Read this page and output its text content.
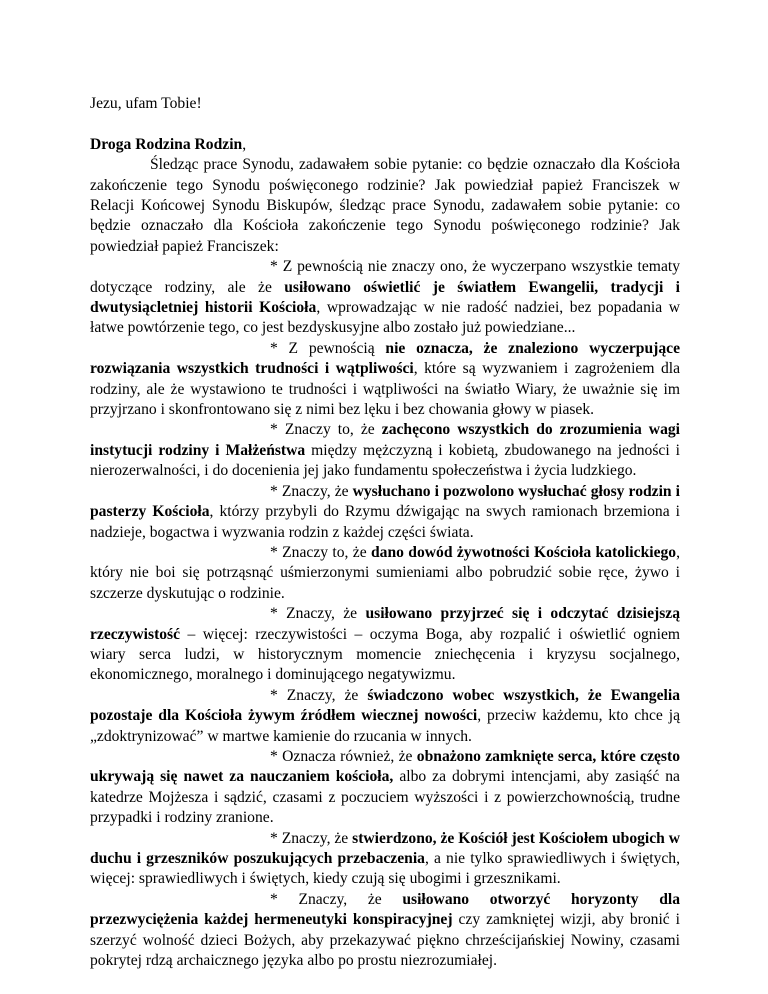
Jezu, ufam Tobie!

Droga Rodzina Rodzin,

Śledząc prace Synodu, zadawałem sobie pytanie: co będzie oznaczało dla Kościoła zakończenie tego Synodu poświęconego rodzinie? Jak powiedział papież Franciszek w Relacji Końcowej Synodu Biskupów, śledząc prace Synodu, zadawałem sobie pytanie: co będzie oznaczało dla Kościoła zakończenie tego Synodu poświęconego rodzinie? Jak powiedział papież Franciszek:

* Z pewnością nie znaczy ono, że wyczerpano wszystkie tematy dotyczące rodziny, ale że usiłowano oświetlić je światłem Ewangelii, tradycji i dwutysiącletniej historii Kościoła, wprowadzając w nie radość nadziei, bez popadania w łatwe powtórzenie tego, co jest bezdyskusyjne albo zostało już powiedziane...

* Z pewnością nie oznacza, że znaleziono wyczerpujące rozwiązania wszystkich trudności i wątpliwości, które są wyzwaniem i zagrożeniem dla rodziny, ale że wystawiono te trudności i wątpliwości na światło Wiary, że uważnie się im przyjrzano i skonfrontowano się z nimi bez lęku i bez chowania głowy w piasek.

* Znaczy to, że zachęcono wszystkich do zrozumienia wagi instytucji rodziny i Małżeństwa między mężczyzną i kobietą, zbudowanego na jedności i nierozerwalności, i do docenienia jej jako fundamentu społeczeństwa i życia ludzkiego.

* Znaczy, że wysłuchano i pozwolono wysłuchać głosy rodzin i pasterzy Kościoła, którzy przybyli do Rzymu dźwigając na swych ramionach brzemiona i nadzieje, bogactwa i wyzwania rodzin z każdej części świata.

* Znaczy to, że dano dowód żywotności Kościoła katolickiego, który nie boi się potrząsnąć uśmierzonymi sumieniami albo pobrudzić sobie ręce, żywo i szczerze dyskutując o rodzinie.

* Znaczy, że usiłowano przyjrzeć się i odczytać dzisiejszą rzeczywistość – więcej: rzeczywistości – oczyma Boga, aby rozpalić i oświetlić ogniem wiary serca ludzi, w historycznym momencie zniechęcenia i kryzysu socjalnego, ekonomicznego, moralnego i dominującego negatywizmu.

* Znaczy, że świadczono wobec wszystkich, że Ewangelia pozostaje dla Kościoła żywym źródłem wiecznej nowości, przeciw każdemu, kto chce ją „zdoktrynizować” w martwe kamienie do rzucania w innych.

* Oznacza również, że obnażono zamknięte serca, które często ukrywają się nawet za nauczaniem kościoła, albo za dobrymi intencjami, aby zasiąść na katedrze Mojżesza i sądzić, czasami z poczuciem wyższości i z powierzchownością, trudne przypadki i rodziny zranione.

* Znaczy, że stwierdzono, że Kościół jest Kościołem ubogich w duchu i grzeszników poszukujących przebaczenia, a nie tylko sprawiedliwych i świętych, więcej: sprawiedliwych i świętych, kiedy czują się ubogimi i grzesznikami.

* Znaczy, że usiłowano otworzyć horyzonty dla przezwyciężenia każdej hermeneutyki konspiracyjnej czy zamkniętej wizji, aby bronić i szerzyć wolność dzieci Bożych, aby przekazywać piękno chrześcijańskiej Nowiny, czasami pokrytej rdzą archaicznego języka albo po prostu niezrozumiałej.
